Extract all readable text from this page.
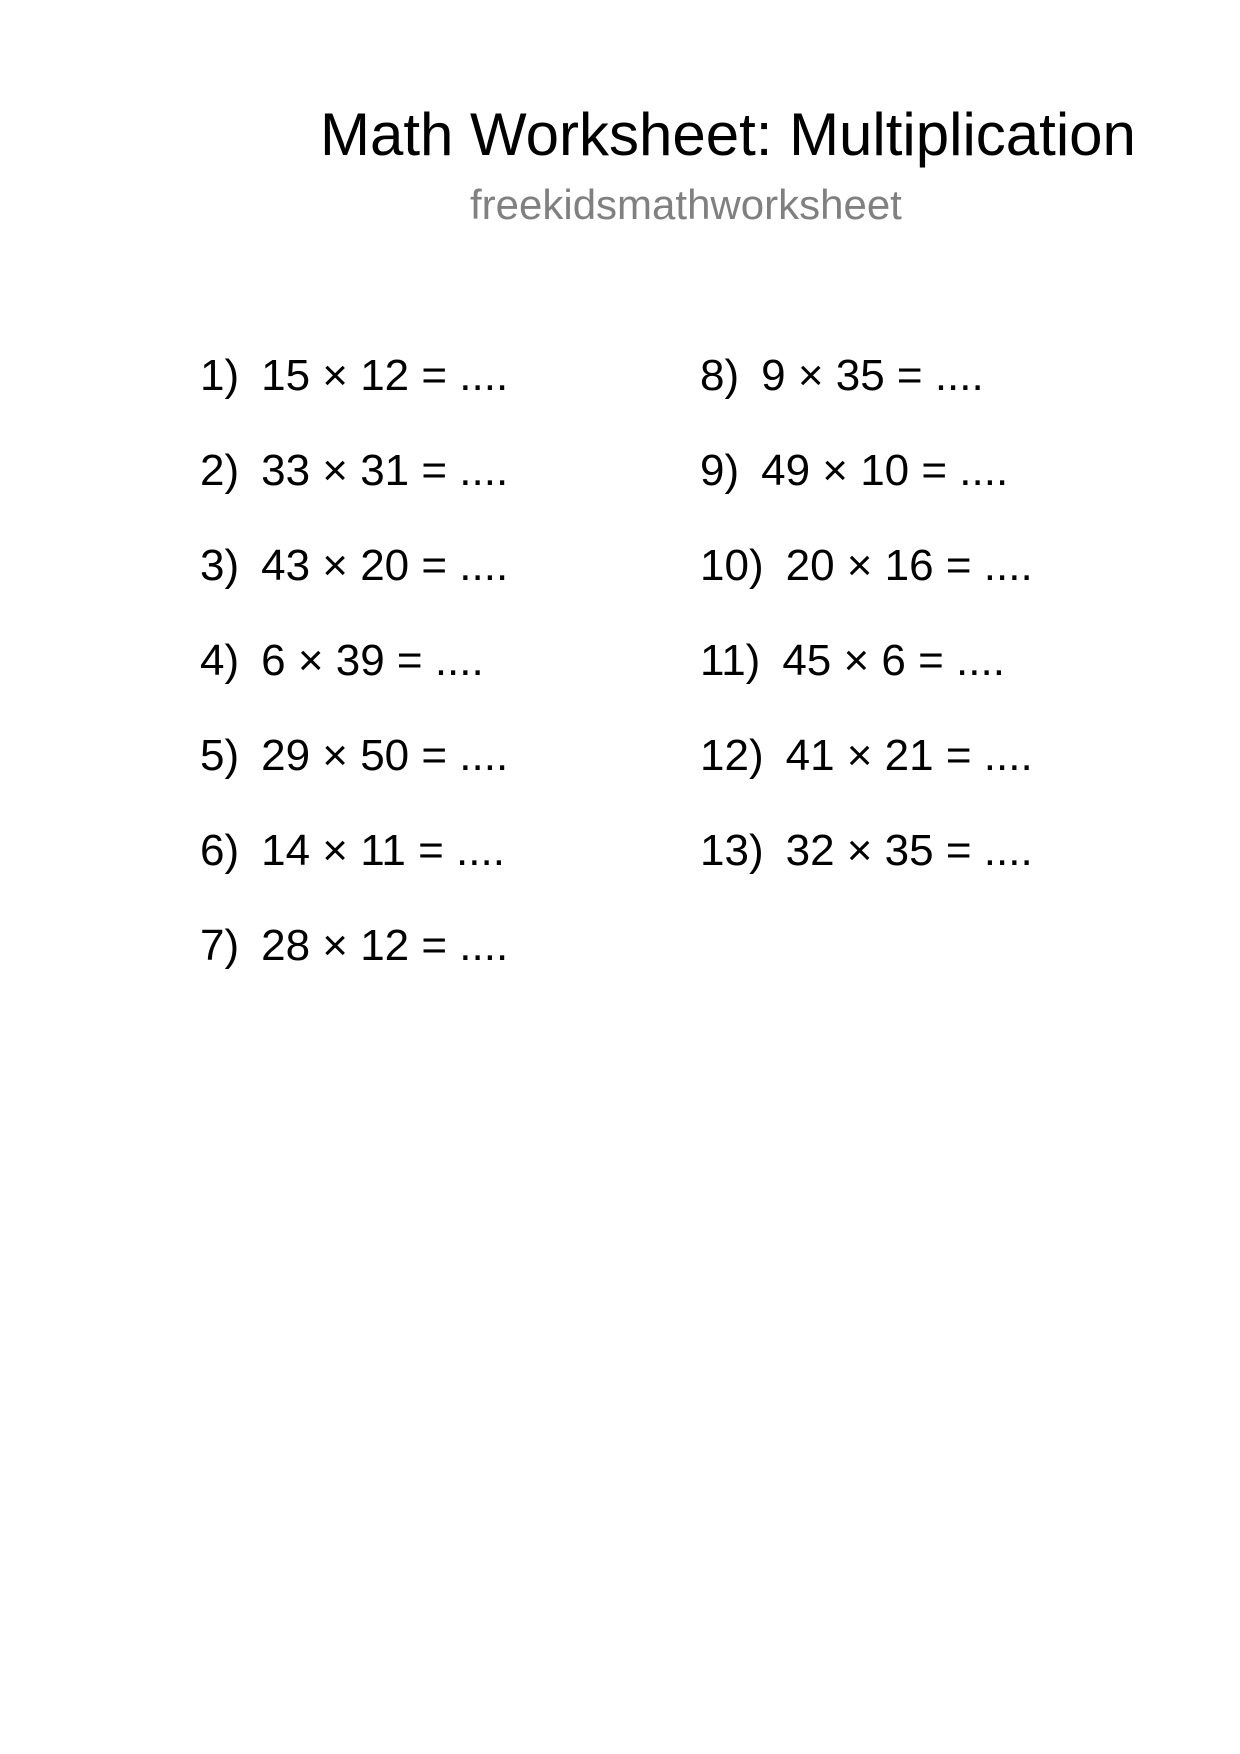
Math Worksheet: Multiplication
freekidsmathworksheet
1) 15 × 12 = ....
2) 33 × 31 = ....
3) 43 × 20 = ....
4) 6 × 39 = ....
5) 29 × 50 = ....
6) 14 × 11 = ....
7) 28 × 12 = ....
8) 9 × 35 = ....
9) 49 × 10 = ....
10) 20 × 16 = ....
11) 45 × 6 = ....
12) 41 × 21 = ....
13) 32 × 35 = ....
